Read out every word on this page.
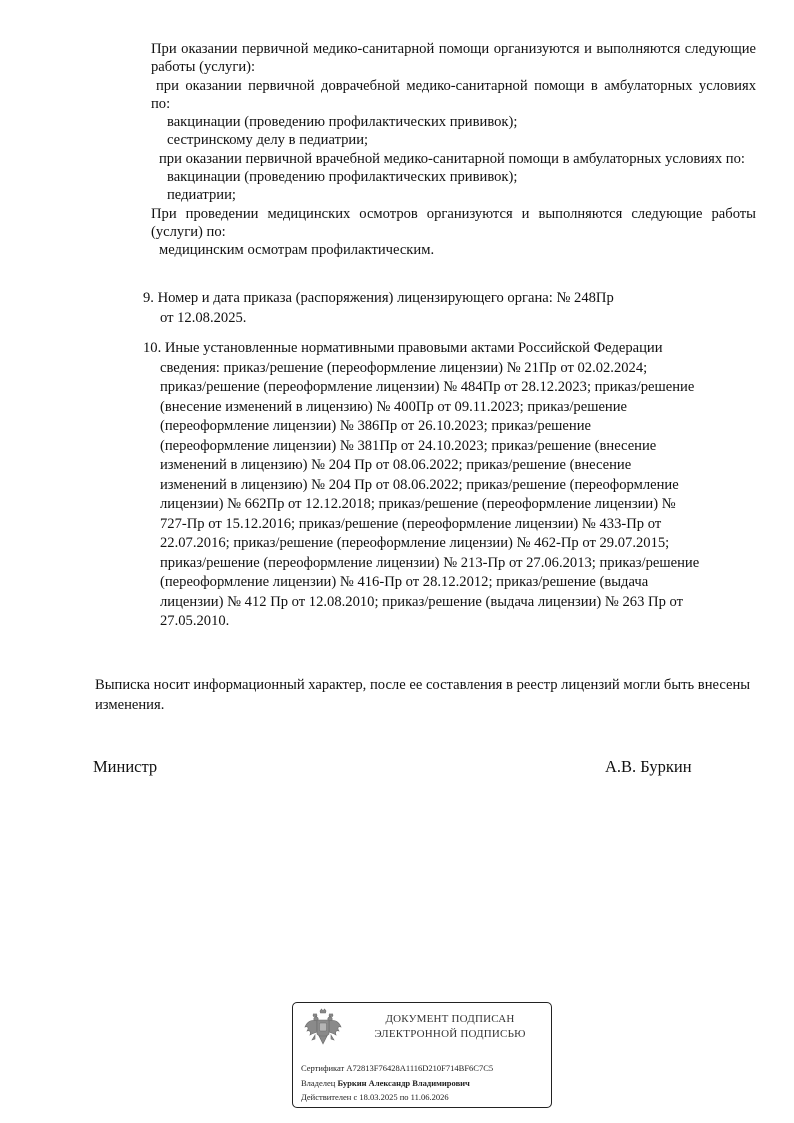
При оказании первичной медико-санитарной помощи организуются и выполняются следующие работы (услуги):

при оказании первичной доврачебной медико-санитарной помощи в амбулаторных условиях по:

вакцинации (проведению профилактических прививок);

сестринскому делу в педиатрии;

при оказании первичной врачебной медико-санитарной помощи в амбулаторных условиях по:

вакцинации (проведению профилактических прививок);

педиатрии;

При проведении медицинских осмотров организуются и выполняются следующие работы (услуги) по:

медицинским осмотрам профилактическим.

9. Номер и дата приказа (распоряжения) лицензирующего органа: № 248Пр

от 12.08.2025.

10. Иные установленные нормативными правовыми актами Российской Федерации

сведения: приказ/решение (переоформление лицензии) № 21Пр от 02.02.2024;

приказ/решение (переоформление лицензии) № 484Пр от 28.12.2023; приказ/решение

(внесение изменений в лицензию) № 400Пр от 09.11.2023; приказ/решение

(переоформление лицензии) № 386Пр от 26.10.2023; приказ/решение

(переоформление лицензии) № 381Пр от 24.10.2023; приказ/решение (внесение

изменений в лицензию) № 204 Пр от 08.06.2022; приказ/решение (внесение

изменений в лицензию) № 204 Пр от 08.06.2022; приказ/решение (переоформление

лицензии) № 662Пр от 12.12.2018; приказ/решение (переоформление лицензии) №

727-Пр от 15.12.2016; приказ/решение (переоформление лицензии) № 433-Пр от

22.07.2016; приказ/решение (переоформление лицензии) № 462-Пр от 29.07.2015;

приказ/решение (переоформление лицензии) № 213-Пр от 27.06.2013; приказ/решение

(переоформление лицензии) № 416-Пр от 28.12.2012; приказ/решение (выдача

лицензии) № 412 Пр от 12.08.2010; приказ/решение (выдача лицензии) № 263 Пр от

27.05.2010.

Выписка носит информационный характер, после ее составления в реестр лицензий могли быть внесены изменения.

Министр	А.В. Буркин

ДОКУМЕНТ ПОДПИСАН
ЭЛЕКТРОННОЙ ПОДПИСЬЮ
Сертификат A72813F76428A1116D210F714BF6C7C5
Владелец Буркин Александр Владимирович
Действителен с 18.03.2025 по 11.06.2026
